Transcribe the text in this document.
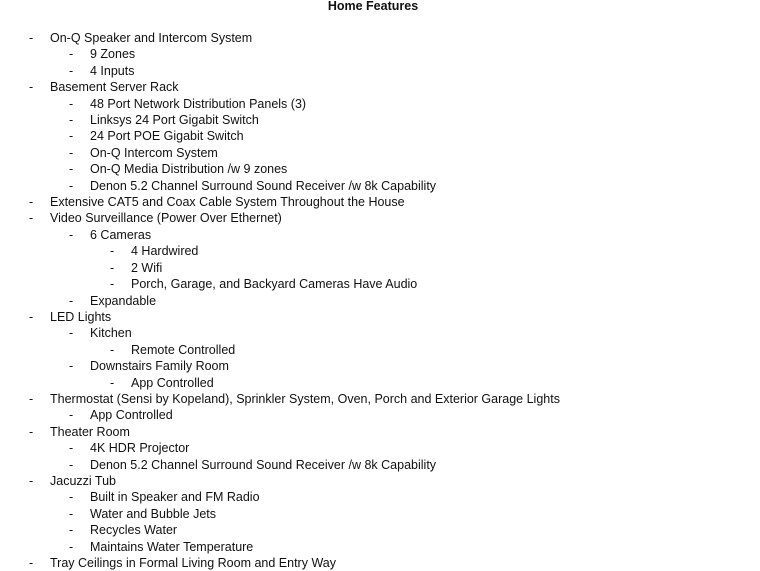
Home Features
- On-Q Speaker and Intercom System
- 9 Zones
- 4 Inputs
- Basement Server Rack
- 48 Port Network Distribution Panels (3)
- Linksys 24 Port Gigabit Switch
- 24 Port POE Gigabit Switch
- On-Q Intercom System
- On-Q Media Distribution /w 9 zones
- Denon 5.2 Channel Surround Sound Receiver /w 8k Capability
- Extensive CAT5 and Coax Cable System Throughout the House
- Video Surveillance (Power Over Ethernet)
- 6 Cameras
- 4 Hardwired
- 2 Wifi
- Porch, Garage, and Backyard Cameras Have Audio
- Expandable
- LED Lights
- Kitchen
- Remote Controlled
- Downstairs Family Room
- App Controlled
- Thermostat (Sensi by Kopeland), Sprinkler System, Oven, Porch and Exterior Garage Lights
- App Controlled
- Theater Room
- 4K HDR Projector
- Denon 5.2 Channel Surround Sound Receiver /w 8k Capability
- Jacuzzi Tub
- Built in Speaker and FM Radio
- Water and Bubble Jets
- Recycles Water
- Maintains Water Temperature
- Tray Ceilings in Formal Living Room and Entry Way
